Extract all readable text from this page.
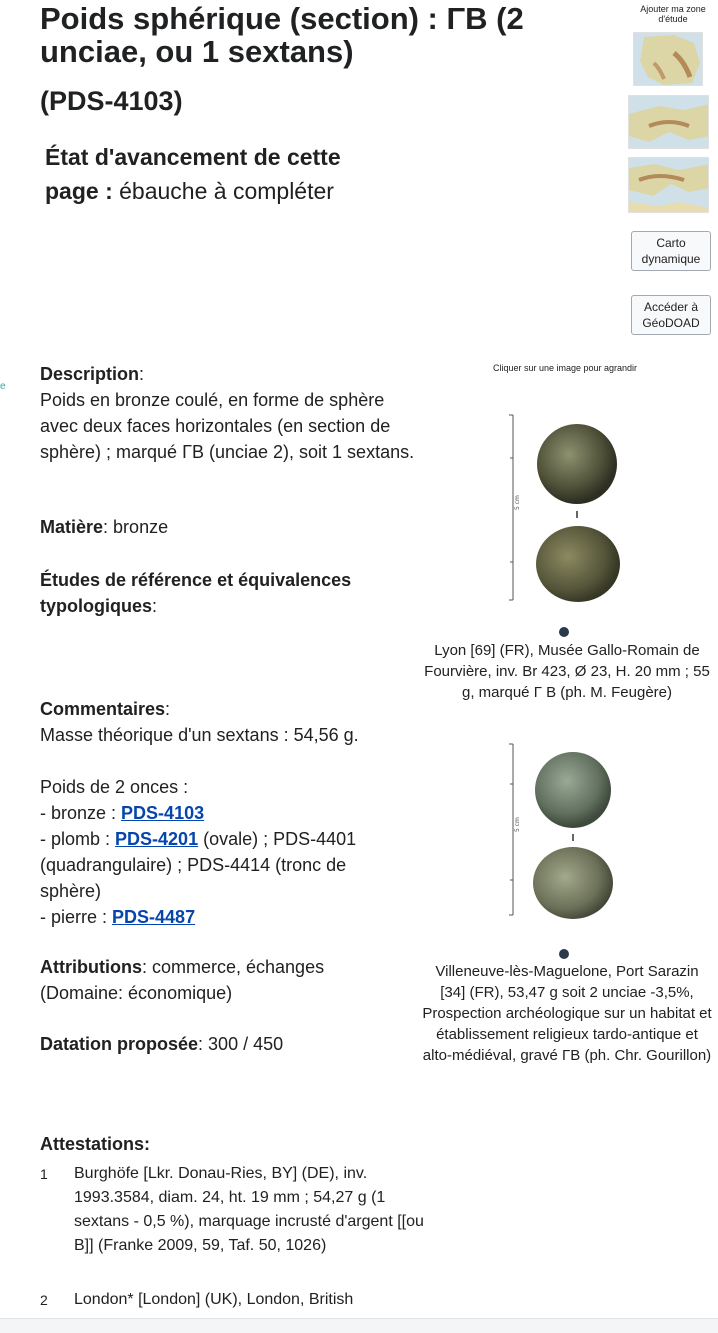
Poids sphérique (section) : ΓΒ (2 unciae, ou 1 sextans)
(PDS-4103)
État d'avancement de cette page : ébauche à compléter
Ajouter ma zone d'étude
Carto dynamique
Accéder à GéoDOAD
e
Description:
Poids en bronze coulé, en forme de sphère avec deux faces horizontales (en section de sphère) ; marqué ΓΒ (unciae 2), soit 1 sextans.
Matière: bronze
Études de référence et équivalences typologiques:
Commentaires:
Masse théorique d'un sextans : 54,56 g.
Poids de 2 onces :
- bronze : PDS-4103
- plomb : PDS-4201 (ovale) ; PDS-4401 (quadrangulaire) ; PDS-4414 (tronc de sphère)
- pierre : PDS-4487
Attributions: commerce, échanges (Domaine: économique)
Datation proposée: 300 / 450
Cliquer sur une image pour agrandir
5 cm
Lyon [69] (FR), Musée Gallo-Romain de Fourvière, inv. Br 423, Ø 23, H. 20 mm ; 55 g, marqué Γ Β (ph. M. Feugère)
5 cm
Villeneuve-lès-Maguelone, Port Sarazin [34] (FR), 53,47 g soit 2 unciae -3,5%, Prospection archéologique sur un habitat et établissement religieux tardo-antique et alto-médiéval, gravé ΓΒ (ph. Chr. Gourillon)
Attestations:
1	Burghöfe [Lkr. Donau-Ries, BY] (DE), inv. 1993.3584, diam. 24, ht. 19 mm ; 54,27 g (1 sextans - 0,5 %), marquage incrusté d'argent [[ou B]] (Franke 2009, 59, Taf. 50, 1026)
2	London* [London] (UK), London, British
